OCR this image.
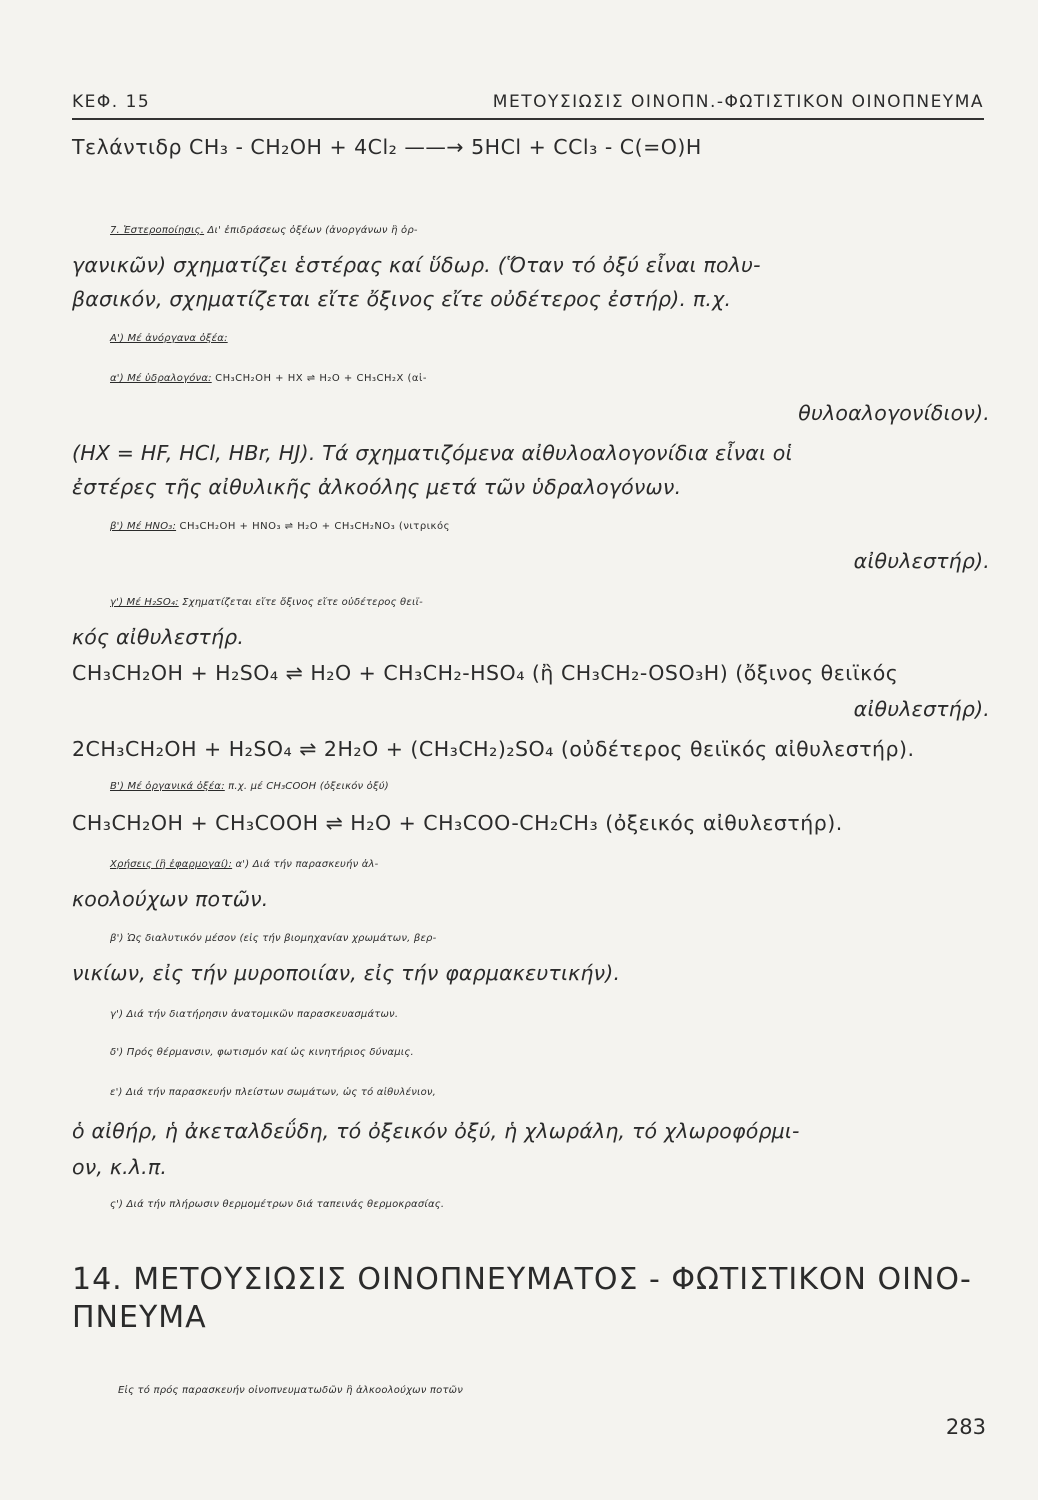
ΚΕΦ. 15	ΜΕΤΟΥΣΙΩΣΙΣ ΟΙΝΟΠΝ.-ΦΩΤΙΣΤΙΚΟΝ ΟΙΝΟΠΝΕΥΜΑ
Τελάντιδρ CH₃ - CH₂OH + 4Cl₂ ——→ 5HCl + CCl₃ - C(=O)H
7. Ἑστεροποίησις. Δι' ἐπιδράσεως ὀξέων (ἀνοργάνων ἢ ὀρ-
γανικῶν) σχηματίζει ἑστέρας καί ὕδωρ. (Ὅταν τό ὀξύ εἶναι πολυ-
βασικόν, σχηματίζεται εἴτε ὄξινος εἴτε οὐδέτερος ἐστήρ). π.χ.
Α') Μέ ἀνόργανα ὀξέα:
α') Μέ ὑδραλογόνα: CH₃CH₂OH + HX ⇌ H₂O + CH₃CH₂X (αἰ-
θυλοαλογονίδιον).
(HX = HF, HCl, HBr, HJ). Τά σχηματιζόμενα αἰθυλοαλογονίδια εἶναι οἱ
ἐστέρες τῆς αἰθυλικῆς ἀλκοόλης μετά τῶν ὑδραλογόνων.
β') Μέ HNO₃: CH₃CH₂OH + HNO₃ ⇌ H₂O + CH₃CH₂NO₃ (νιτρικός
αἰθυλεστήρ).
γ') Μέ H₂SO₄: Σχηματίζεται εἴτε ὄξινος εἴτε οὐδέτερος θειϊ-
κός αἰθυλεστήρ.
CH₃CH₂OH + H₂SO₄ ⇌ H₂O + CH₃CH₂-HSO₄ (ἢ CH₃CH₂-OSO₃H) (ὄξινος θειϊκός
αἰθυλεστήρ).
2CH₃CH₂OH + H₂SO₄ ⇌ 2H₂O + (CH₃CH₂)₂SO₄ (οὐδέτερος θειϊκός αἰθυλεστήρ).
Β') Μέ ὀργανικά ὀξέα: π.χ. μέ CH₃COOH (ὀξεικόν ὀξύ)
CH₃CH₂OH + CH₃COOH ⇌ H₂O + CH₃COO-CH₂CH₃ (ὀξεικός αἰθυλεστήρ).
Χρήσεις (ἢ ἐφαρμογαί): α') Διά τήν παρασκευήν ἀλ-
κοολούχων ποτῶν.
β') Ὡς διαλυτικόν μέσον (εἰς τήν βιομηχανίαν χρωμάτων, βερ-
νικίων, εἰς τήν μυροποιίαν, εἰς τήν φαρμακευτικήν).
γ') Διά τήν διατήρησιν ἀνατομικῶν παρασκευασμάτων.
δ') Πρός θέρμανσιν, φωτισμόν καί ὡς κινητήριος δύναμις.
ε') Διά τήν παρασκευήν πλείστων σωμάτων, ὡς τό αἰθυλένιον,
ὁ αἰθήρ, ἡ ἀκεταλδεΰδη, τό ὀξεικόν ὀξύ, ἡ χλωράλη, τό χλωροφόρμι-
ον, κ.λ.π.
ς') Διά τήν πλήρωσιν θερμομέτρων διά ταπεινάς θερμοκρασίας.
14. ΜΕΤΟΥΣΙΩΣΙΣ ΟΙΝΟΠΝΕΥΜΑΤΟΣ - ΦΩΤΙΣΤΙΚΟΝ ΟΙΝΟ-
ΠΝΕΥΜΑ
Εἰς τό πρός παρασκευήν οἰνοπνευματωδῶν ἢ ἀλκοολούχων ποτῶν
283
